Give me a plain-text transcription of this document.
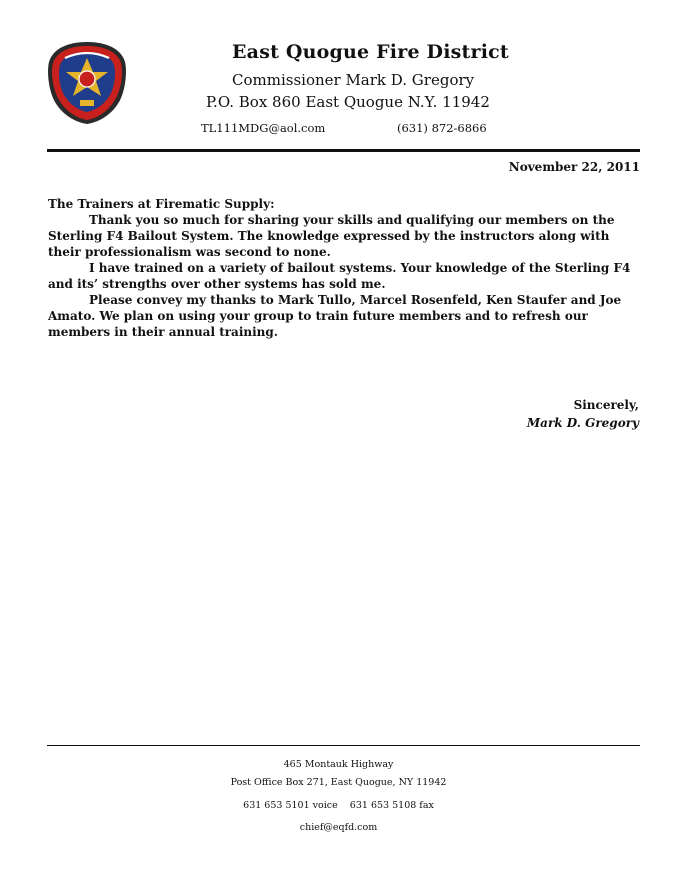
East Quogue Fire District
Commissioner Mark D. Gregory
P.O. Box 860 East Quogue N.Y. 11942
TL111MDG@aol.com	(631) 872-6866
November 22, 2011

The Trainers at Firematic Supply:

Thank you so much for sharing your skills and qualifying our members on the Sterling F4 Bailout System. The knowledge expressed by the instructors along with their professionalism was second to none.

I have trained on a variety of bailout systems. Your knowledge of the Sterling F4 and its’ strengths over other systems has sold me.

Please convey my thanks to Mark Tullo, Marcel Rosenfeld, Ken Staufer and Joe Amato. We plan on using your group to train future members and to refresh our members in their annual training.

Sincerely,
Mark D. Gregory
465 Montauk Highway
Post Office Box 271, East Quogue, NY 11942
631 653 5101 voice    631 653 5108 fax
chief@eqfd.com
